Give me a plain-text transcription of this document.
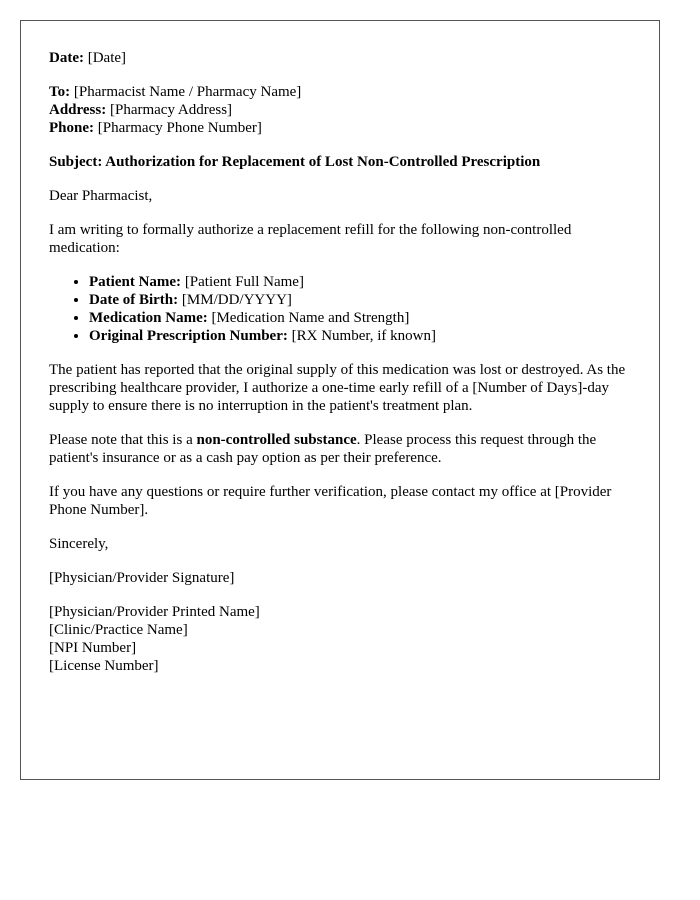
Date: [Date]
To: [Pharmacist Name / Pharmacy Name]
Address: [Pharmacy Address]
Phone: [Pharmacy Phone Number]
Subject: Authorization for Replacement of Lost Non-Controlled Prescription
Dear Pharmacist,
I am writing to formally authorize a replacement refill for the following non-controlled medication:
• Patient Name: [Patient Full Name]
• Date of Birth: [MM/DD/YYYY]
• Medication Name: [Medication Name and Strength]
• Original Prescription Number: [RX Number, if known]
The patient has reported that the original supply of this medication was lost or destroyed. As the prescribing healthcare provider, I authorize a one-time early refill of a [Number of Days]-day supply to ensure there is no interruption in the patient's treatment plan.
Please note that this is a non-controlled substance. Please process this request through the patient's insurance or as a cash pay option as per their preference.
If you have any questions or require further verification, please contact my office at [Provider Phone Number].
Sincerely,
[Physician/Provider Signature]
[Physician/Provider Printed Name]
[Clinic/Practice Name]
[NPI Number]
[License Number]
